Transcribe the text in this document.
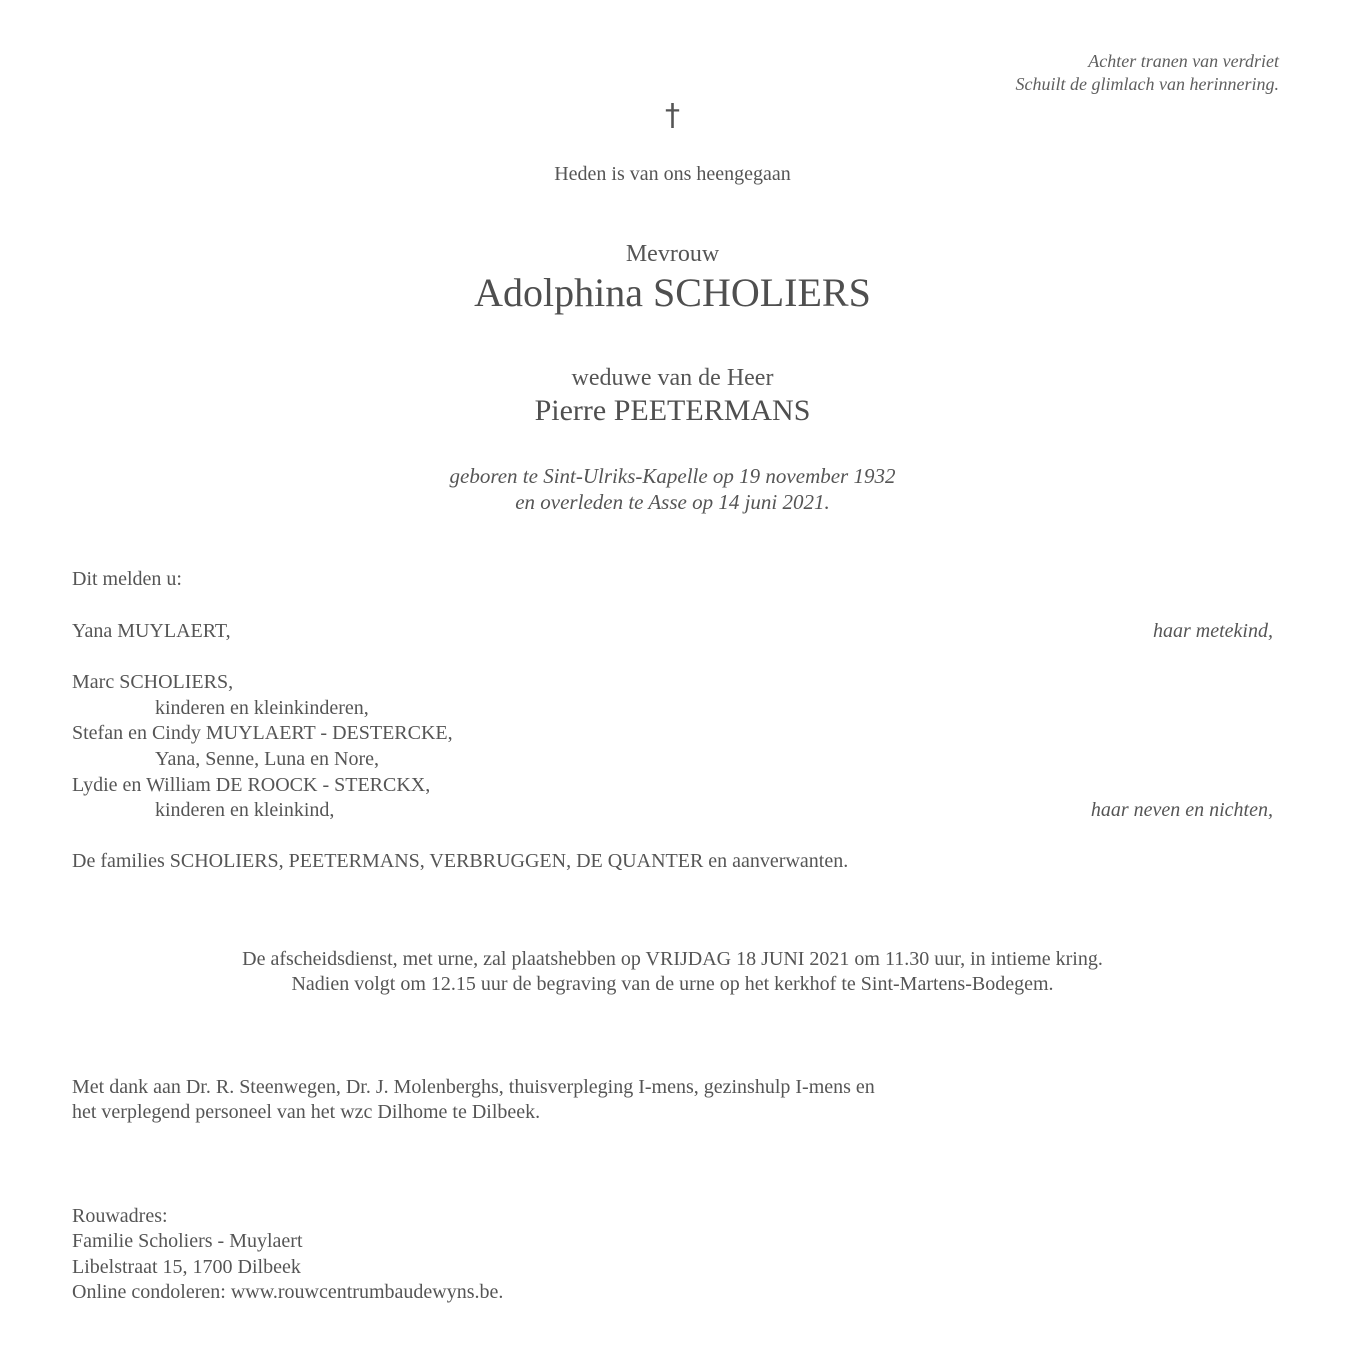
Achter tranen van verdriet
Schuilt de glimlach van herinnering.
†
Heden is van ons heengegaan
Mevrouw
Adolphina SCHOLIERS
weduwe van de Heer
Pierre PEETERMANS
geboren te Sint-Ulriks-Kapelle op 19 november 1932
en overleden te Asse op 14 juni 2021.
Dit melden u:
Yana MUYLAERT,	haar metekind,
Marc SCHOLIERS,
kinderen en kleinkinderen,
Stefan en Cindy MUYLAERT - DESTERCKE,
Yana, Senne, Luna en Nore,
Lydie en William DE ROOCK - STERCKX,
kinderen en kleinkind,	haar neven en nichten,
De families SCHOLIERS, PEETERMANS, VERBRUGGEN, DE QUANTER en aanverwanten.
De afscheidsdienst, met urne, zal plaatshebben op VRIJDAG 18 JUNI 2021 om 11.30 uur, in intieme kring.
Nadien volgt om 12.15 uur de begraving van de urne op het kerkhof te Sint-Martens-Bodegem.
Met dank aan Dr. R. Steenwegen, Dr. J. Molenberghs, thuisverpleging I-mens, gezinshulp I-mens en
het verplegend personeel van het wzc Dilhome te Dilbeek.
Rouwadres:
Familie Scholiers - Muylaert
Libelstraat 15, 1700 Dilbeek
Online condoleren: www.rouwcentrumbaudewyns.be.
